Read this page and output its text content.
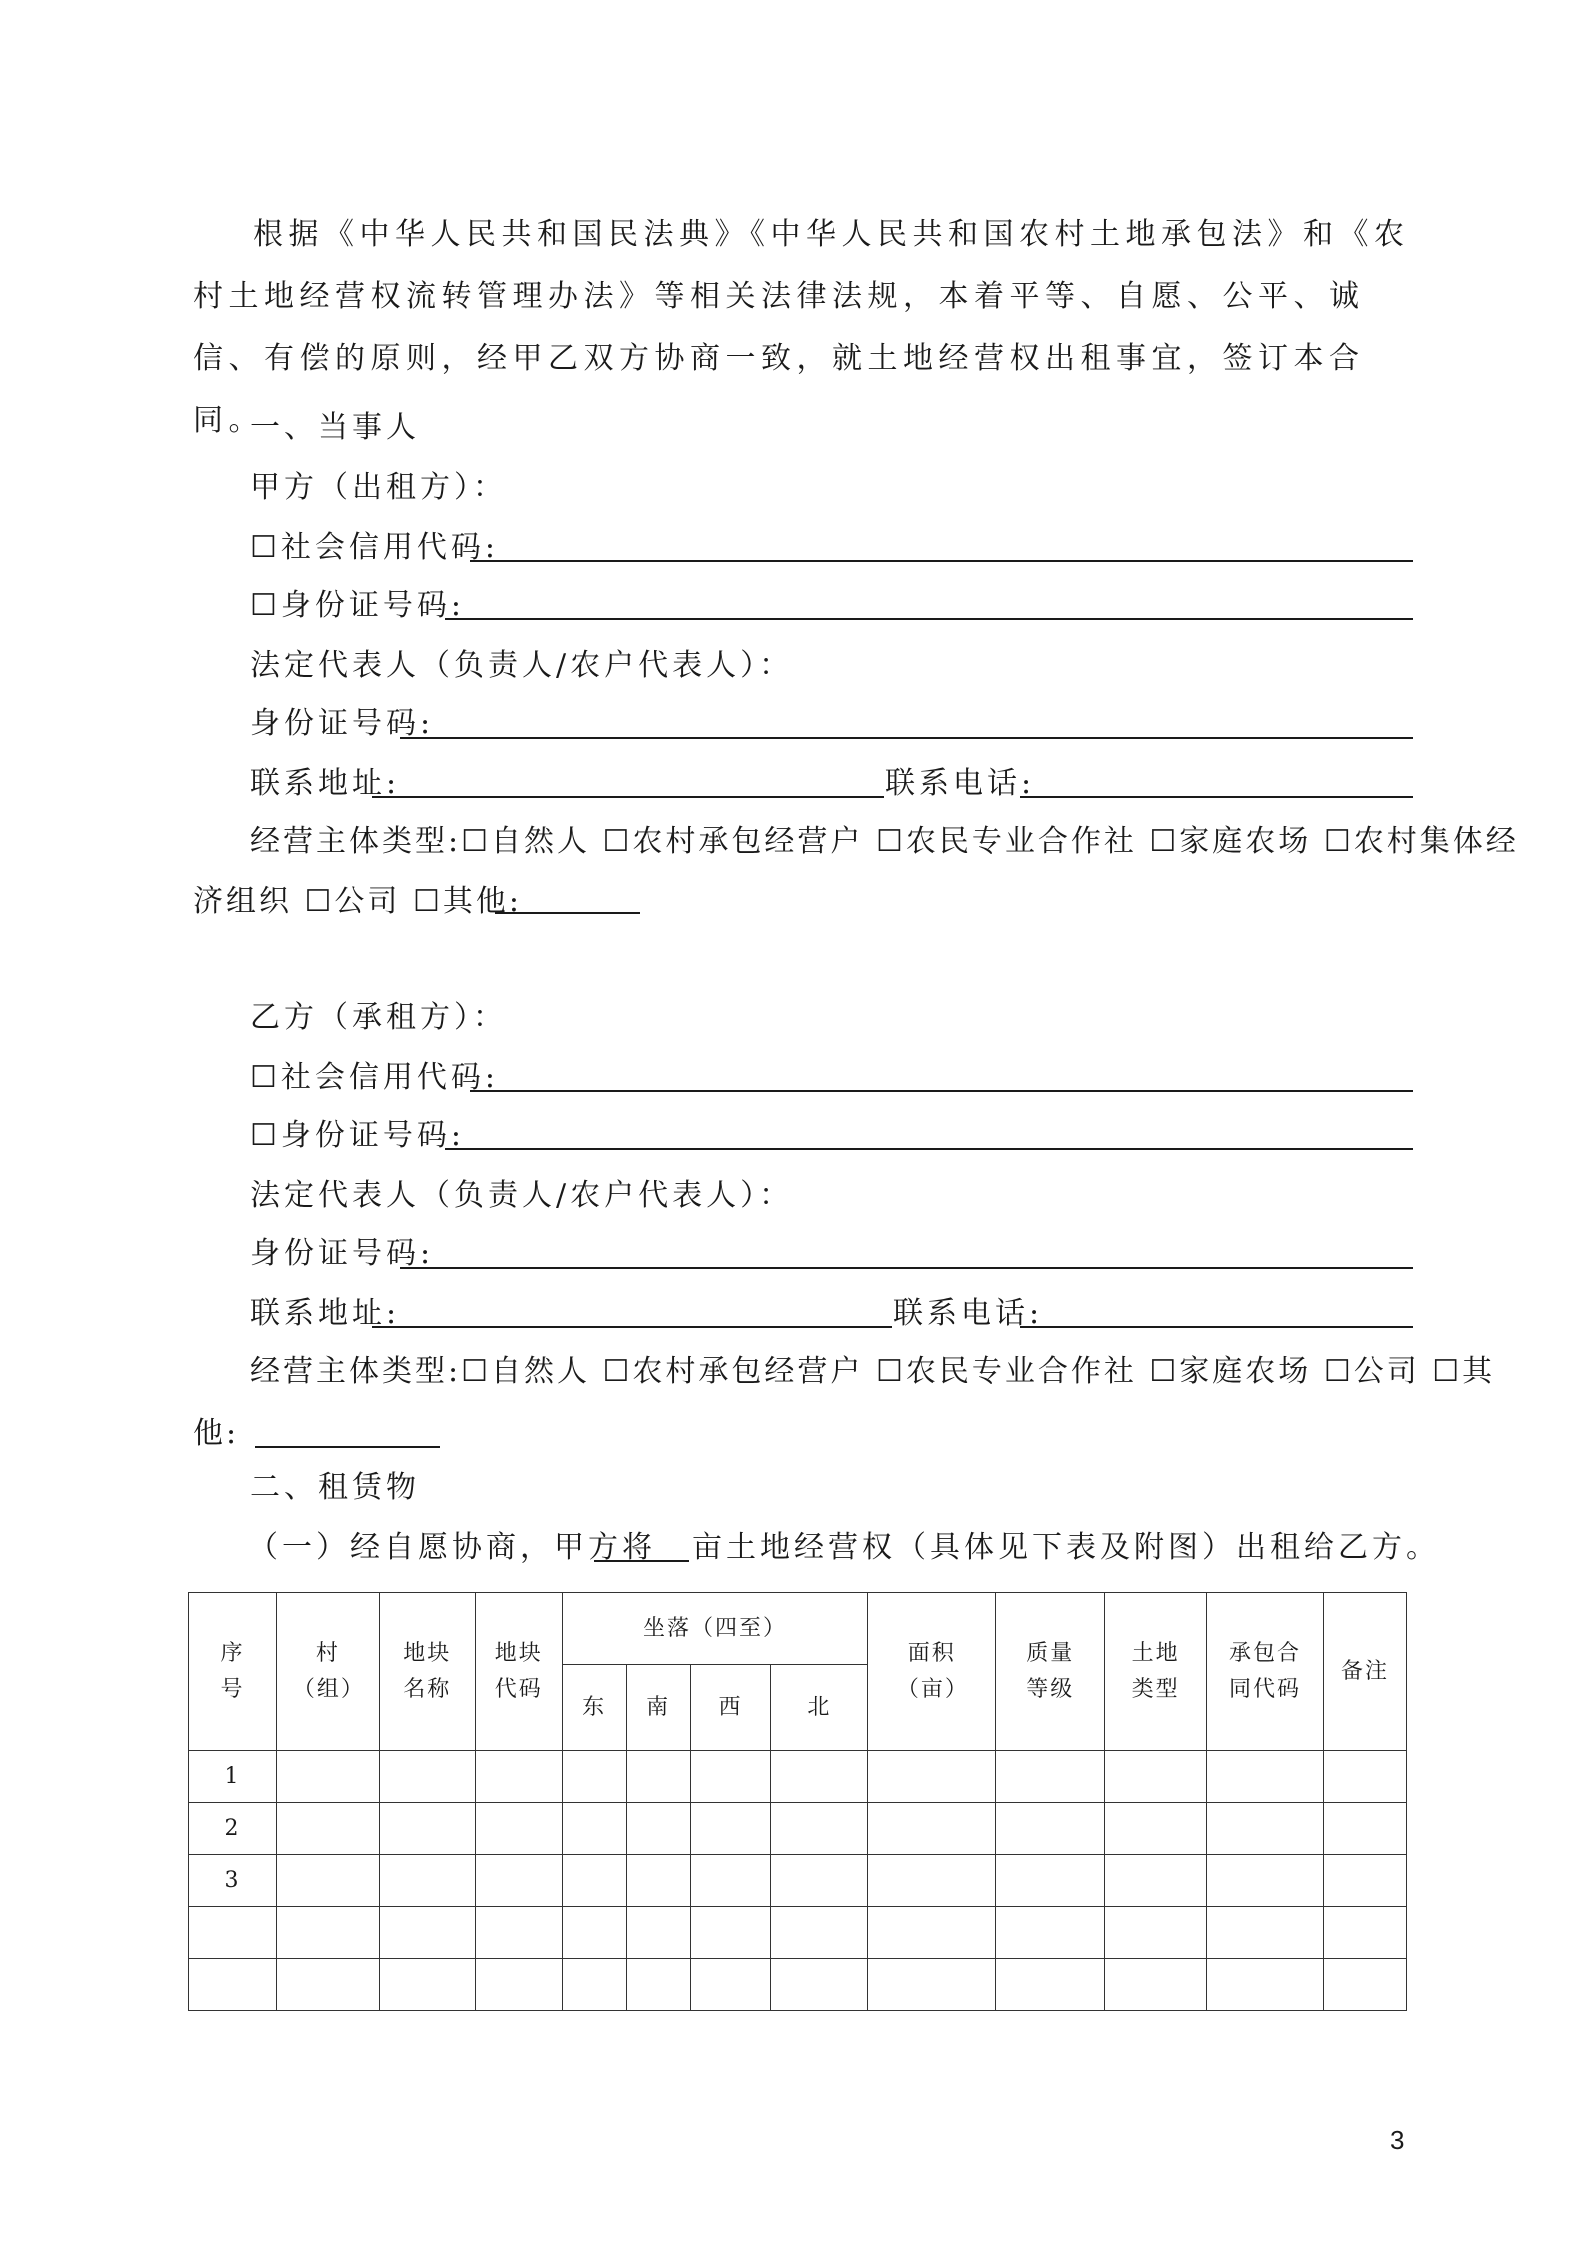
根据《中华人民共和国民法典》《中华人民共和国农村土地承包法》和《农村土地经营权流转管理办法》等相关法律法规，本着平等、自愿、公平、诚信、有偿的原则，经甲乙双方协商一致，就土地经营权出租事宜，签订本合同。
一、当事人
甲方（出租方）：
☐社会信用代码:
☐身份证号码:
法定代表人（负责人/农户代表人）：
身份证号码:
联系地址:	联系电话:
经营主体类型:☐自然人 ☐农村承包经营户 ☐农民专业合作社 ☐家庭农场 ☐农村集体经
济组织 ☐公司 ☐其他:
乙方（承租方）：
☐社会信用代码:
☐身份证号码:
法定代表人（负责人/农户代表人）：
身份证号码:
联系地址:	联系电话:
经营主体类型:☐自然人 ☐农村承包经营户 ☐农民专业合作社 ☐家庭农场 ☐公司 ☐其
他:
二、租赁物
（一）经自愿协商，甲方将 亩土地经营权（具体见下表及附图）出租给乙方。
序号	村（组）	地块名称	地块代码	坐落（四至）				面积（亩）	质量等级	土地类型	承包合同代码	备注
				东	南	西	北					
1												
2												
3												

3
